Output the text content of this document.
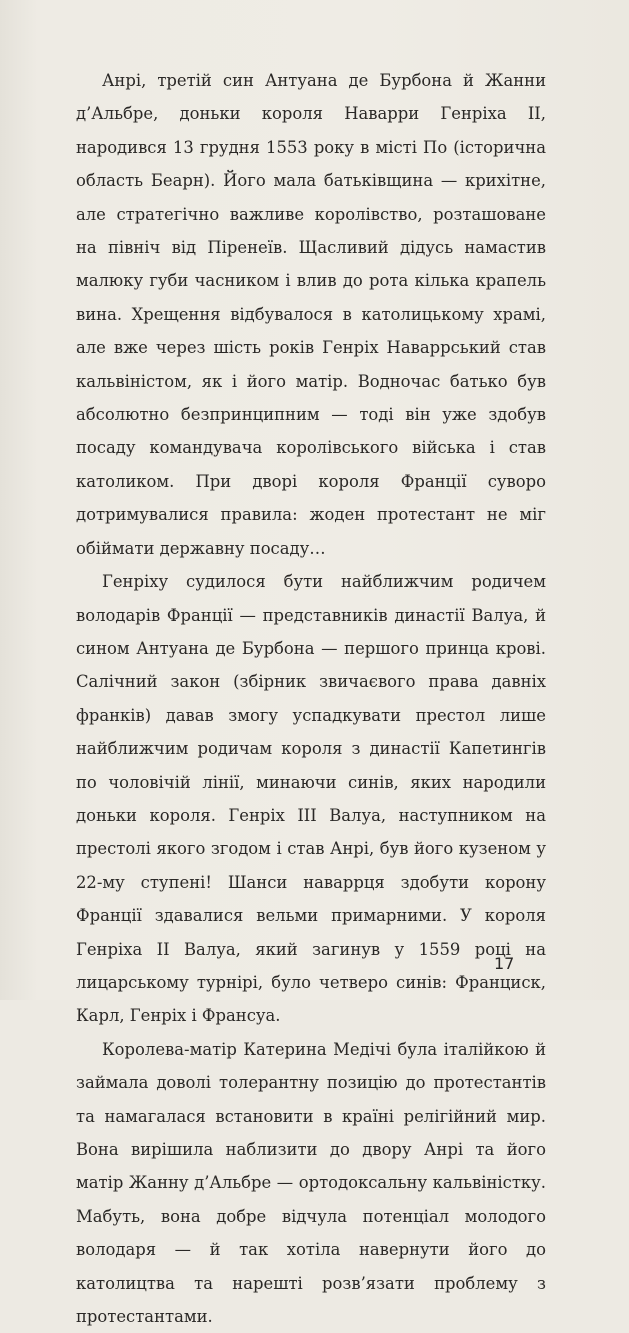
Анрі, третій син Антуана де Бурбона й Жанни д’Альбре, доньки короля Наварри Генріха II, народився 13 грудня 1553 року в місті По (історична область Беарн). Його мала батьківщина — крихітне, але стратегічно важливе королівство, розташоване на північ від Піренеїв. Щасливий дідусь намастив малюку губи часником і влив до рота кілька крапель вина. Хрещення відбувалося в католицькому храмі, але вже через шість років Генріх Наваррський став кальвіністом, як і його матір. Водночас батько був абсолютно безпринципним — тоді він уже здобув посаду командувача королівського війська і став католиком. При дворі короля Франції суворо дотримувалися правила: жоден протестант не міг обіймати державну посаду…

Генріху судилося бути найближчим родичем володарів Франції — представників династії Валуа, й сином Антуана де Бурбона — першого принца крові. Салічний закон (збірник звичаєвого права давніх франків) давав змогу успадкувати престол лише найближчим родичам короля з династії Капетингів по чоловічій лінії, минаючи синів, яких народили доньки короля. Генріх III Валуа, наступником на престолі якого згодом і став Анрі, був його кузеном у 22-му ступені! Шанси наваррця здобути корону Франції здавалися вельми примарними. У короля Генріха II Валуа, який загинув у 1559 році на лицарському турнірі, було четверо синів: Франциск, Карл, Генріх і Франсуа.

Королева-матір Катерина Медічі була італійкою й займала доволі толерантну позицію до протестантів та намагалася встановити в країні релігійний мир. Вона вирішила наблизити до двору Анрі та його матір Жанну д’Альбре — ортодоксальну кальвіністку. Мабуть, вона добре відчула потенціал молодого володаря — й так хотіла навернути його до католицтва та нарешті розв’язати проблему з протестантами.

17
